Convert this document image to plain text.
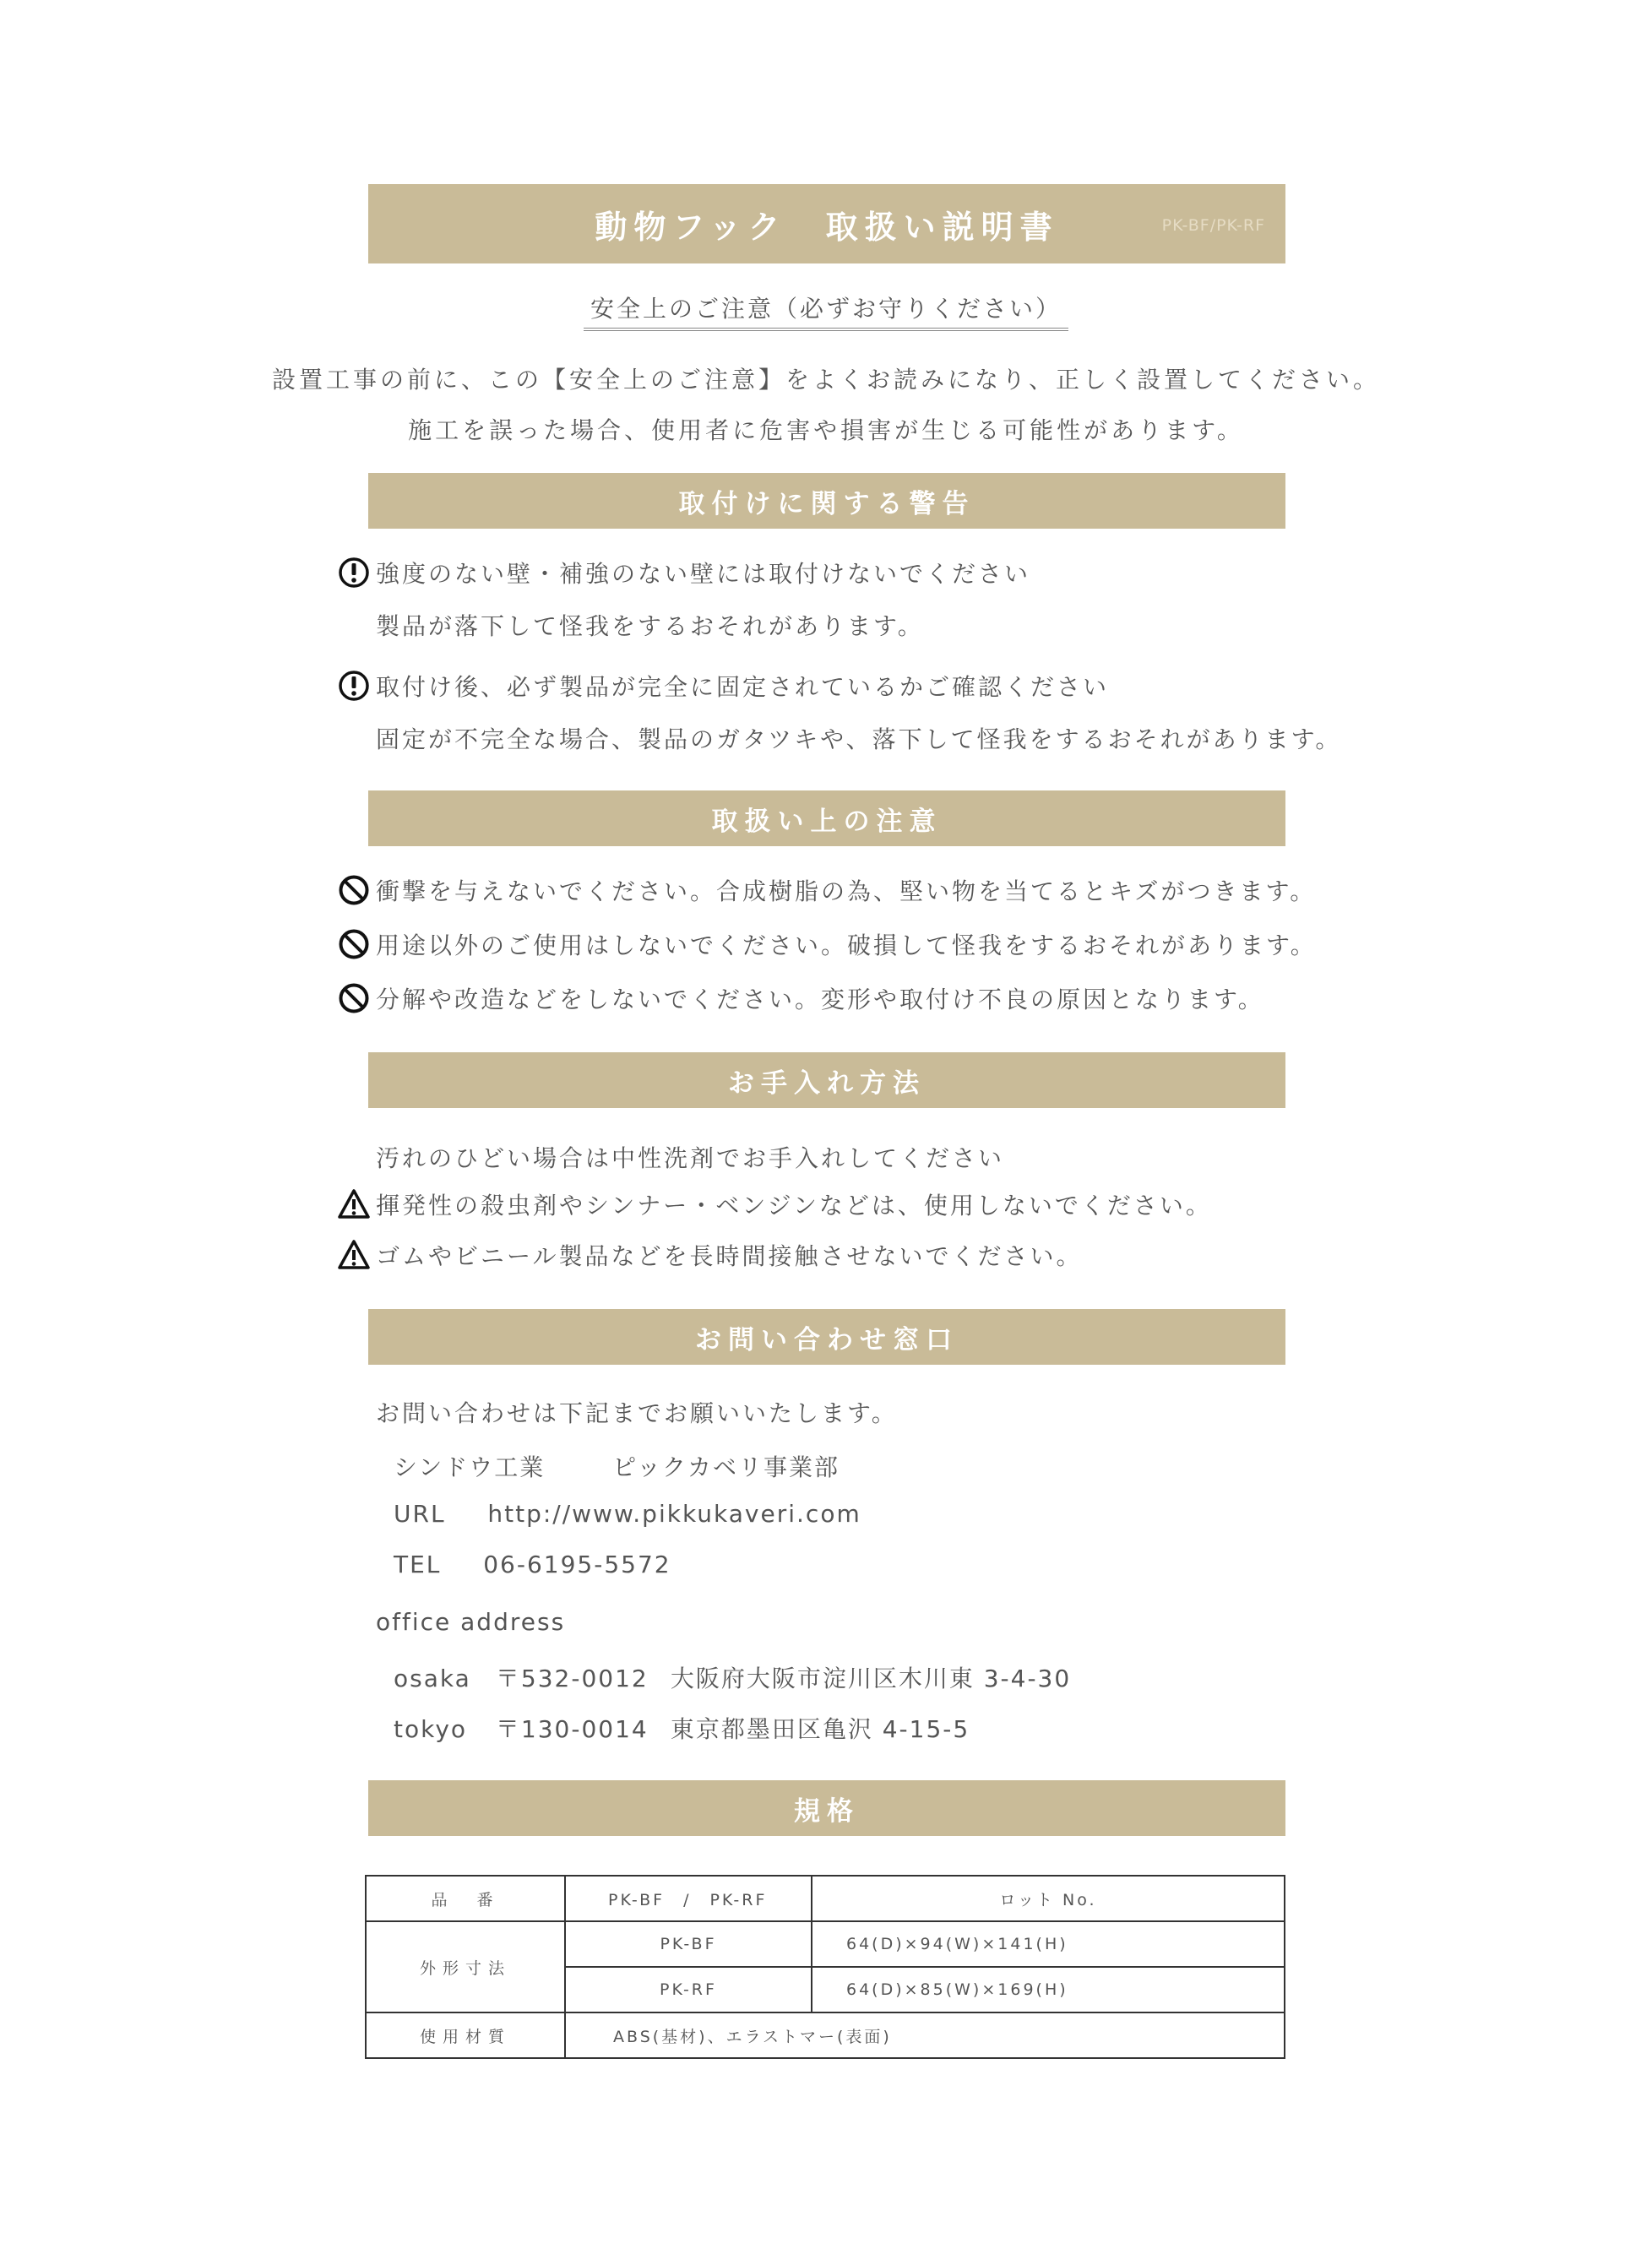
動物フック　取扱い説明書	PK-BF/PK-RF
安全上のご注意（必ずお守りください）
設置工事の前に、この【安全上のご注意】をよくお読みになり、正しく設置してください。
施工を誤った場合、使用者に危害や損害が生じる可能性があります。
取付けに関する警告
強度のない壁・補強のない壁には取付けないでください
製品が落下して怪我をするおそれがあります。
取付け後、必ず製品が完全に固定されているかご確認ください
固定が不完全な場合、製品のガタツキや、落下して怪我をするおそれがあります。
取扱い上の注意
衝撃を与えないでください。合成樹脂の為、堅い物を当てるとキズがつきます。
用途以外のご使用はしないでください。破損して怪我をするおそれがあります。
分解や改造などをしないでください。変形や取付け不良の原因となります。
お手入れ方法
汚れのひどい場合は中性洗剤でお手入れしてください
揮発性の殺虫剤やシンナー・ベンジンなどは、使用しないでください。
ゴムやビニール製品などを長時間接触させないでください。
お問い合わせ窓口
お問い合わせは下記までお願いいたします。
シンドウ工業	ピックカベリ事業部
URL http://www.pikkukaveri.com
TEL 06-6195-5572
office address
osaka 〒532-0012 大阪府大阪市淀川区木川東 3-4-30
tokyo 〒130-0014 東京都墨田区亀沢 4-15-5
規格
品　番	PK-BF　/　PK-RF	ロット No.
外形寸法	PK-BF	64(D)×94(W)×141(H)
	PK-RF	64(D)×85(W)×169(H)
使用材質	ABS(基材)、エラストマー(表面)	
